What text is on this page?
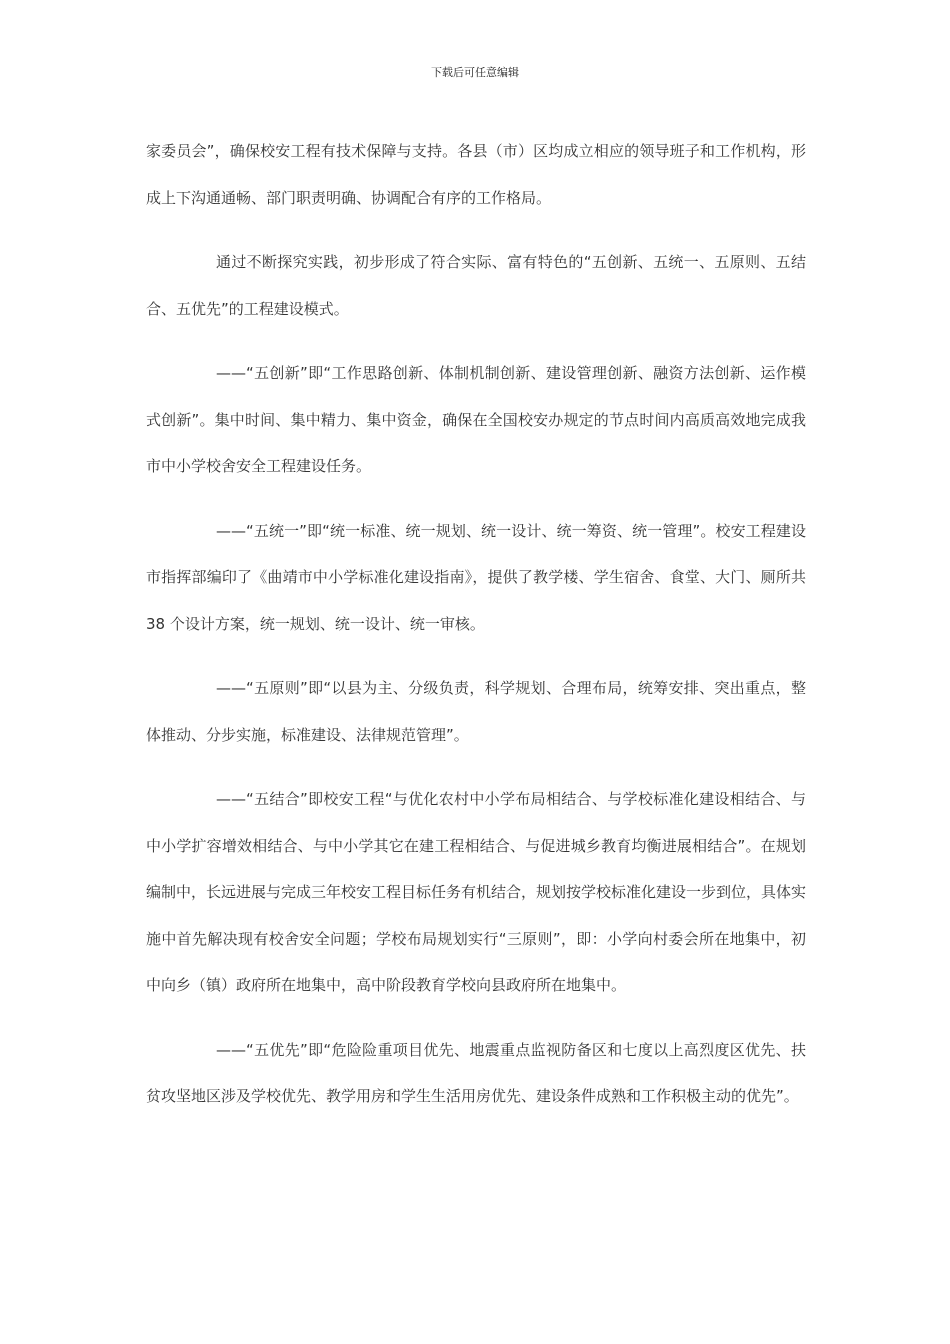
下载后可任意编辑

家委员会”，确保校安工程有技术保障与支持。各县（市）区均成立相应的领导班子和工作机构，形成上下沟通通畅、部门职责明确、协调配合有序的工作格局。

通过不断探究实践，初步形成了符合实际、富有特色的“五创新、五统一、五原则、五结合、五优先”的工程建设模式。

——“五创新”即“工作思路创新、体制机制创新、建设管理创新、融资方法创新、运作模式创新”。集中时间、集中精力、集中资金，确保在全国校安办规定的节点时间内高质高效地完成我市中小学校舍安全工程建设任务。

——“五统一”即“统一标准、统一规划、统一设计、统一筹资、统一管理”。校安工程建设市指挥部编印了《曲靖市中小学标准化建设指南》，提供了教学楼、学生宿舍、食堂、大门、厕所共 38 个设计方案，统一规划、统一设计、统一审核。

——“五原则”即“以县为主、分级负责，科学规划、合理布局，统筹安排、突出重点，整体推动、分步实施，标准建设、法律规范管理”。

——“五结合”即校安工程“与优化农村中小学布局相结合、与学校标准化建设相结合、与中小学扩容增效相结合、与中小学其它在建工程相结合、与促进城乡教育均衡进展相结合”。在规划编制中，长远进展与完成三年校安工程目标任务有机结合，规划按学校标准化建设一步到位，具体实施中首先解决现有校舍安全问题；学校布局规划实行“三原则”，即：小学向村委会所在地集中，初中向乡（镇）政府所在地集中，高中阶段教育学校向县政府所在地集中。

——“五优先”即“危险险重项目优先、地震重点监视防备区和七度以上高烈度区优先、扶贫攻坚地区涉及学校优先、教学用房和学生生活用房优先、建设条件成熟和工作积极主动的优先”。
